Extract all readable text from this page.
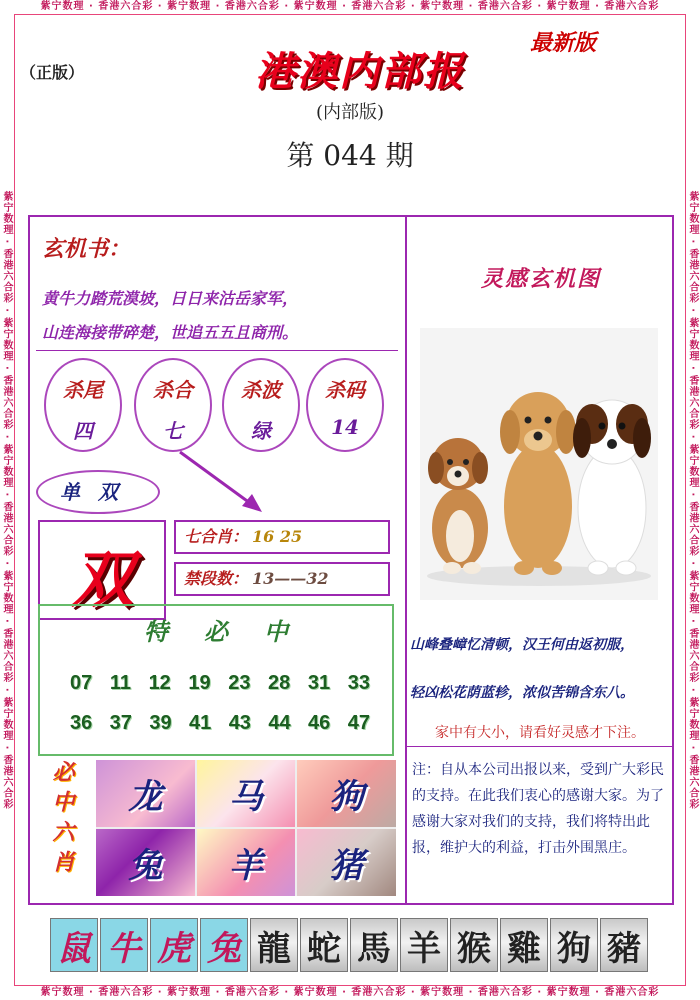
紫宁数理 · 香港六合彩 · 紫宁数理 · 香港六合彩 · 紫宁数理 · 香港六合彩 · 紫宁数理 · 香港六合彩 · 紫宁数理 · 香港六合彩
紫宁数理 · 香港六合彩 · 紫宁数理 · 香港六合彩 · 紫宁数理 · 香港六合彩 · 紫宁数理 · 香港六合彩 · 紫宁数理 · 香港六合彩
紫宁数理 · 香港六合彩 · 紫宁数理 · 香港六合彩 · 紫宁数理 · 香港六合彩 · 紫宁数理 · 香港六合彩 · 紫宁数理 · 香港六合彩	紫宁数理 · 香港六合彩 · 紫宁数理 · 香港六合彩 · 紫宁数理 · 香港六合彩 · 紫宁数理 · 香港六合彩 · 紫宁数理 · 香港六合彩
（正版）
最新版
港澳内部报
(内部版)
第 044 期
玄机书：
黄牛力踏荒漠坡，日日来沽岳家军，
山连海接带碎楚，世追五五且商刑。
杀尾
四
杀合
七
杀波
绿
杀码
14
单双
双
七合肖： 16 25
禁段数： 13——32
特必中
07 11 12 19 23 28 31 33
36 37 39 41 43 44 46 47
必中六肖	龙	马	狗
兔	羊	猪
灵感玄机图
山峰叠嶂忆清顿，汉王何由返初服，
轻凶松花荫蓝轸，浓似苦锦含东八。
家中有大小，请看好灵感才下注。
注：自从本公司出报以来，受到广大彩民的支持。在此我们衷心的感谢大家。为了感谢大家对我们的支持，我们将特出此报，维护大的利益，打击外围黑庄。
鼠 牛 虎 兔 龍 蛇 馬 羊 猴 雞 狗 豬
